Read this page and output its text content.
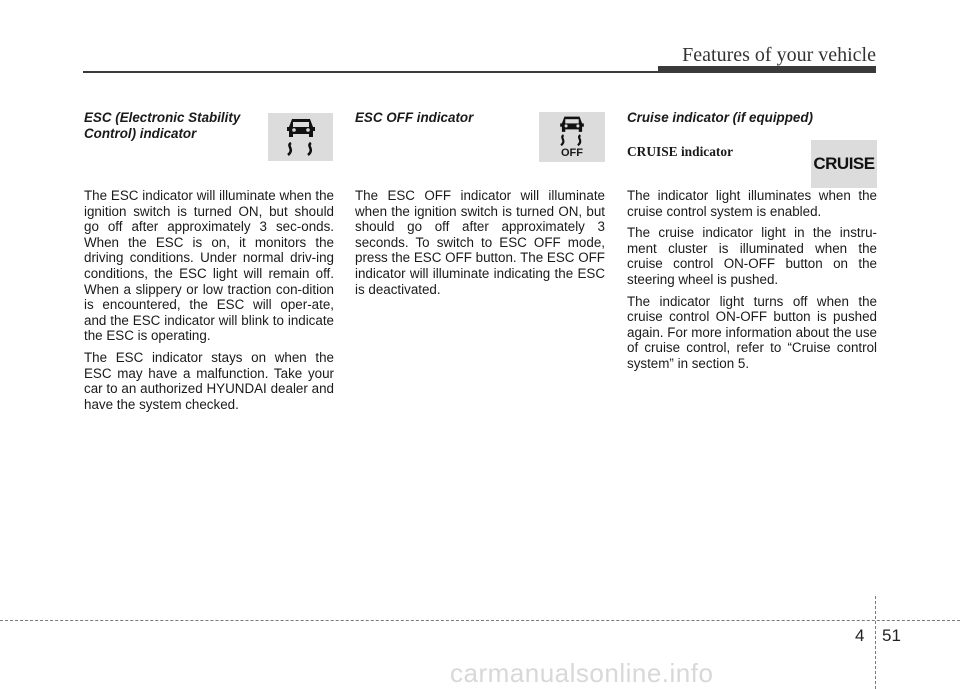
Features of your vehicle

ESC (Electronic Stability Control) indicator

The ESC indicator will illuminate when the ignition switch is turned ON, but should go off after approximately 3 sec-onds. When the ESC is on, it monitors the driving conditions. Under normal driv-ing conditions, the ESC light will remain off. When a slippery or low traction con-dition is encountered, the ESC will oper-ate, and the ESC indicator will blink to indicate the ESC is operating.

The ESC indicator stays on when the ESC may have a malfunction. Take your car to an authorized HYUNDAI dealer and have the system checked.

ESC OFF indicator

The ESC OFF indicator will illuminate when the ignition switch is turned ON, but should go off after approximately 3 seconds. To switch to ESC OFF mode, press the ESC OFF button. The ESC OFF indicator will illuminate indicating the ESC is deactivated.

OFF

Cruise indicator (if equipped)

CRUISE indicator

The indicator light illuminates when the cruise control system is enabled.

The cruise indicator light in the instru-ment cluster is illuminated when the cruise control ON-OFF button on the steering wheel is pushed.

The indicator light turns off when the cruise control ON-OFF button is pushed again. For more information about the use of cruise control, refer to “Cruise control system” in section 5.

CRUISE
4 51
carmanualsonline.info
